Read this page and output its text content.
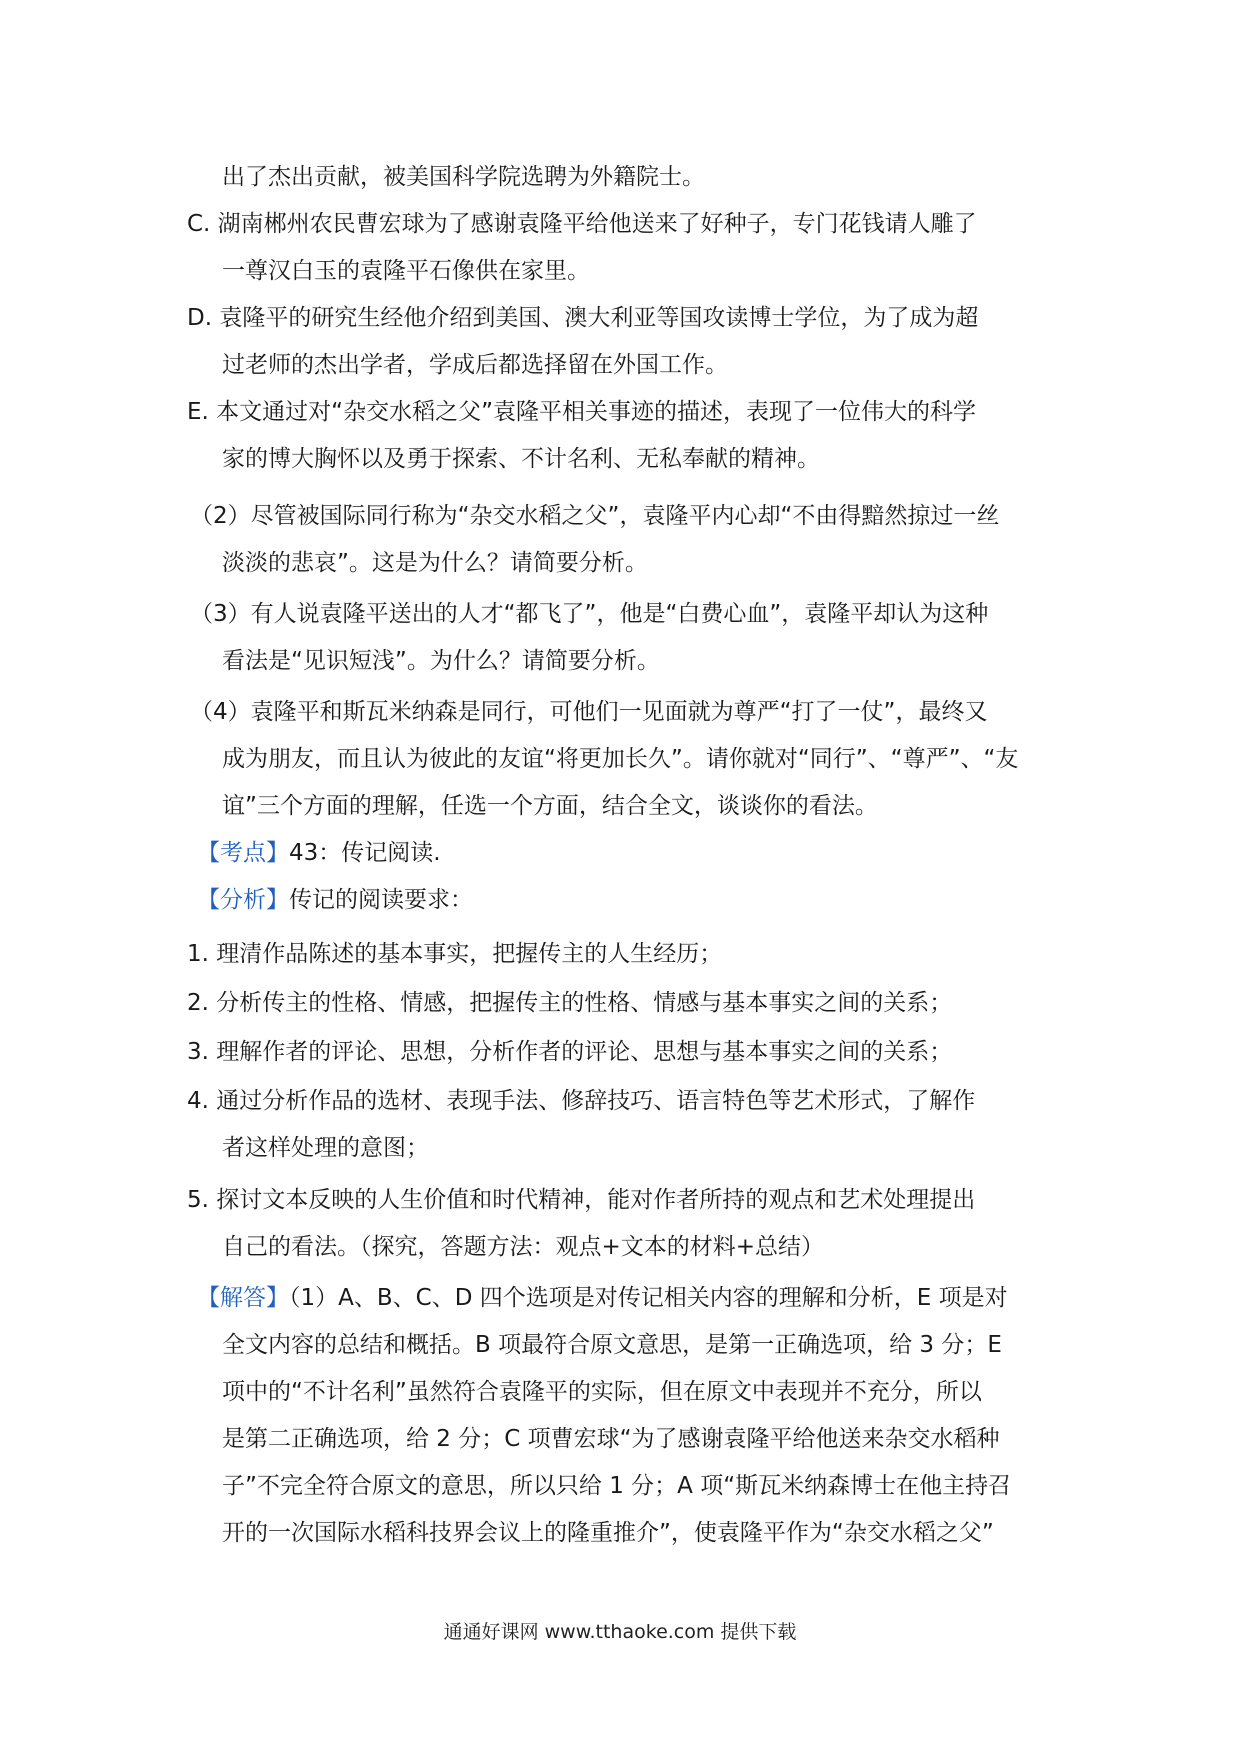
出了杰出贡献，被美国科学院选聘为外籍院士。
C. 湖南郴州农民曹宏球为了感谢袁隆平给他送来了好种子，专门花钱请人雕了
一尊汉白玉的袁隆平石像供在家里。
D. 袁隆平的研究生经他介绍到美国、澳大利亚等国攻读博士学位，为了成为超
过老师的杰出学者，学成后都选择留在外国工作。
E. 本文通过对“杂交水稻之父”袁隆平相关事迹的描述，表现了一位伟大的科学
家的博大胸怀以及勇于探索、不计名利、无私奉献的精神。
（2）尽管被国际同行称为“杂交水稻之父”，袁隆平内心却“不由得黯然掠过一丝
淡淡的悲哀”。这是为什么？请简要分析。
（3）有人说袁隆平送出的人才“都飞了”，他是“白费心血”，袁隆平却认为这种
看法是“见识短浅”。为什么？请简要分析。
（4）袁隆平和斯瓦米纳森是同行，可他们一见面就为尊严“打了一仗”，最终又
成为朋友，而且认为彼此的友谊“将更加长久”。请你就对“同行”、“尊严”、“友
谊”三个方面的理解，任选一个方面，结合全文，谈谈你的看法。
【考点】43：传记阅读.
【分析】传记的阅读要求：
1. 理清作品陈述的基本事实，把握传主的人生经历；
2. 分析传主的性格、情感，把握传主的性格、情感与基本事实之间的关系；
3. 理解作者的评论、思想，分析作者的评论、思想与基本事实之间的关系；
4. 通过分析作品的选材、表现手法、修辞技巧、语言特色等艺术形式，了解作
者这样处理的意图；
5. 探讨文本反映的人生价值和时代精神，能对作者所持的观点和艺术处理提出
自己的看法。（探究，答题方法：观点+文本的材料+总结）
【解答】（1）A、B、C、D 四个选项是对传记相关内容的理解和分析，E 项是对
全文内容的总结和概括。B 项最符合原文意思，是第一正确选项，给 3 分；E
项中的“不计名利”虽然符合袁隆平的实际，但在原文中表现并不充分，所以
是第二正确选项，给 2 分；C 项曹宏球“为了感谢袁隆平给他送来杂交水稻种
子”不完全符合原文的意思，所以只给 1 分；A 项“斯瓦米纳森博士在他主持召
开的一次国际水稻科技界会议上的隆重推介”，使袁隆平作为“杂交水稻之父”
通通好课网 www.tthaoke.com 提供下载
